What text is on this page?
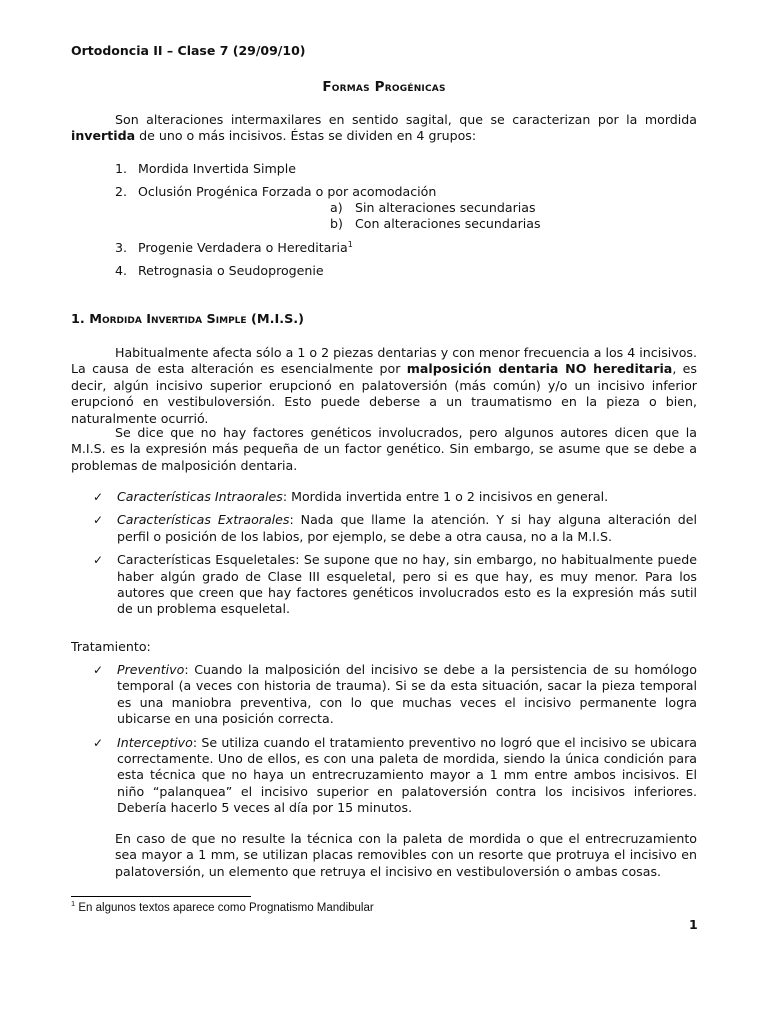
Ortodoncia II – Clase 7 (29/09/10)
Formas Progénicas
Son alteraciones intermaxilares en sentido sagital, que se caracterizan por la mordida invertida de uno o más incisivos. Éstas se dividen en 4 grupos:
1. Mordida Invertida Simple
2. Oclusión Progénica Forzada o por acomodación
a) Sin alteraciones secundarias
b) Con alteraciones secundarias
3. Progenie Verdadera o Hereditaria$^1$
4. Retrognasia o Seudoprogenie
1. Mordida Invertida Simple (M.I.S.)
Habitualmente afecta sólo a 1 o 2 piezas dentarias y con menor frecuencia a los 4 incisivos. La causa de esta alteración es esencialmente por malposición dentaria NO hereditaria, es decir, algún incisivo superior erupcionó en palatoversión (más común) y/o un incisivo inferior erupcionó en vestibuloversión. Esto puede deberse a un traumatismo en la pieza o bien, naturalmente ocurrió.
Se dice que no hay factores genéticos involucrados, pero algunos autores dicen que la M.I.S. es la expresión más pequeña de un factor genético. Sin embargo, se asume que se debe a problemas de malposición dentaria.
✓ Características Intraorales: Mordida invertida entre 1 o 2 incisivos en general.
✓ Características Extraorales: Nada que llame la atención. Y si hay alguna alteración del perfil o posición de los labios, por ejemplo, se debe a otra causa, no a la M.I.S.
✓ Características Esqueletales: Se supone que no hay, sin embargo, no habitualmente puede haber algún grado de Clase III esqueletal, pero si es que hay, es muy menor. Para los autores que creen que hay factores genéticos involucrados esto es la expresión más sutil de un problema esqueletal.
Tratamiento:
✓ Preventivo: Cuando la malposición del incisivo se debe a la persistencia de su homólogo temporal (a veces con historia de trauma). Si se da esta situación, sacar la pieza temporal es una maniobra preventiva, con lo que muchas veces el incisivo permanente logra ubicarse en una posición correcta.
✓ Interceptivo: Se utiliza cuando el tratamiento preventivo no logró que el incisivo se ubicara correctamente. Uno de ellos, es con una paleta de mordida, siendo la única condición para esta técnica que no haya un entrecruzamiento mayor a 1 mm entre ambos incisivos. El niño “palanquea” el incisivo superior en palatoversión contra los incisivos inferiores. Debería hacerlo 5 veces al día por 15 minutos.
En caso de que no resulte la técnica con la paleta de mordida o que el entrecruzamiento sea mayor a 1 mm, se utilizan placas removibles con un resorte que protruya el incisivo en palatoversión, un elemento que retruya el incisivo en vestibuloversión o ambas cosas.
$^1$ En algunos textos aparece como Prognatismo Mandibular
1
